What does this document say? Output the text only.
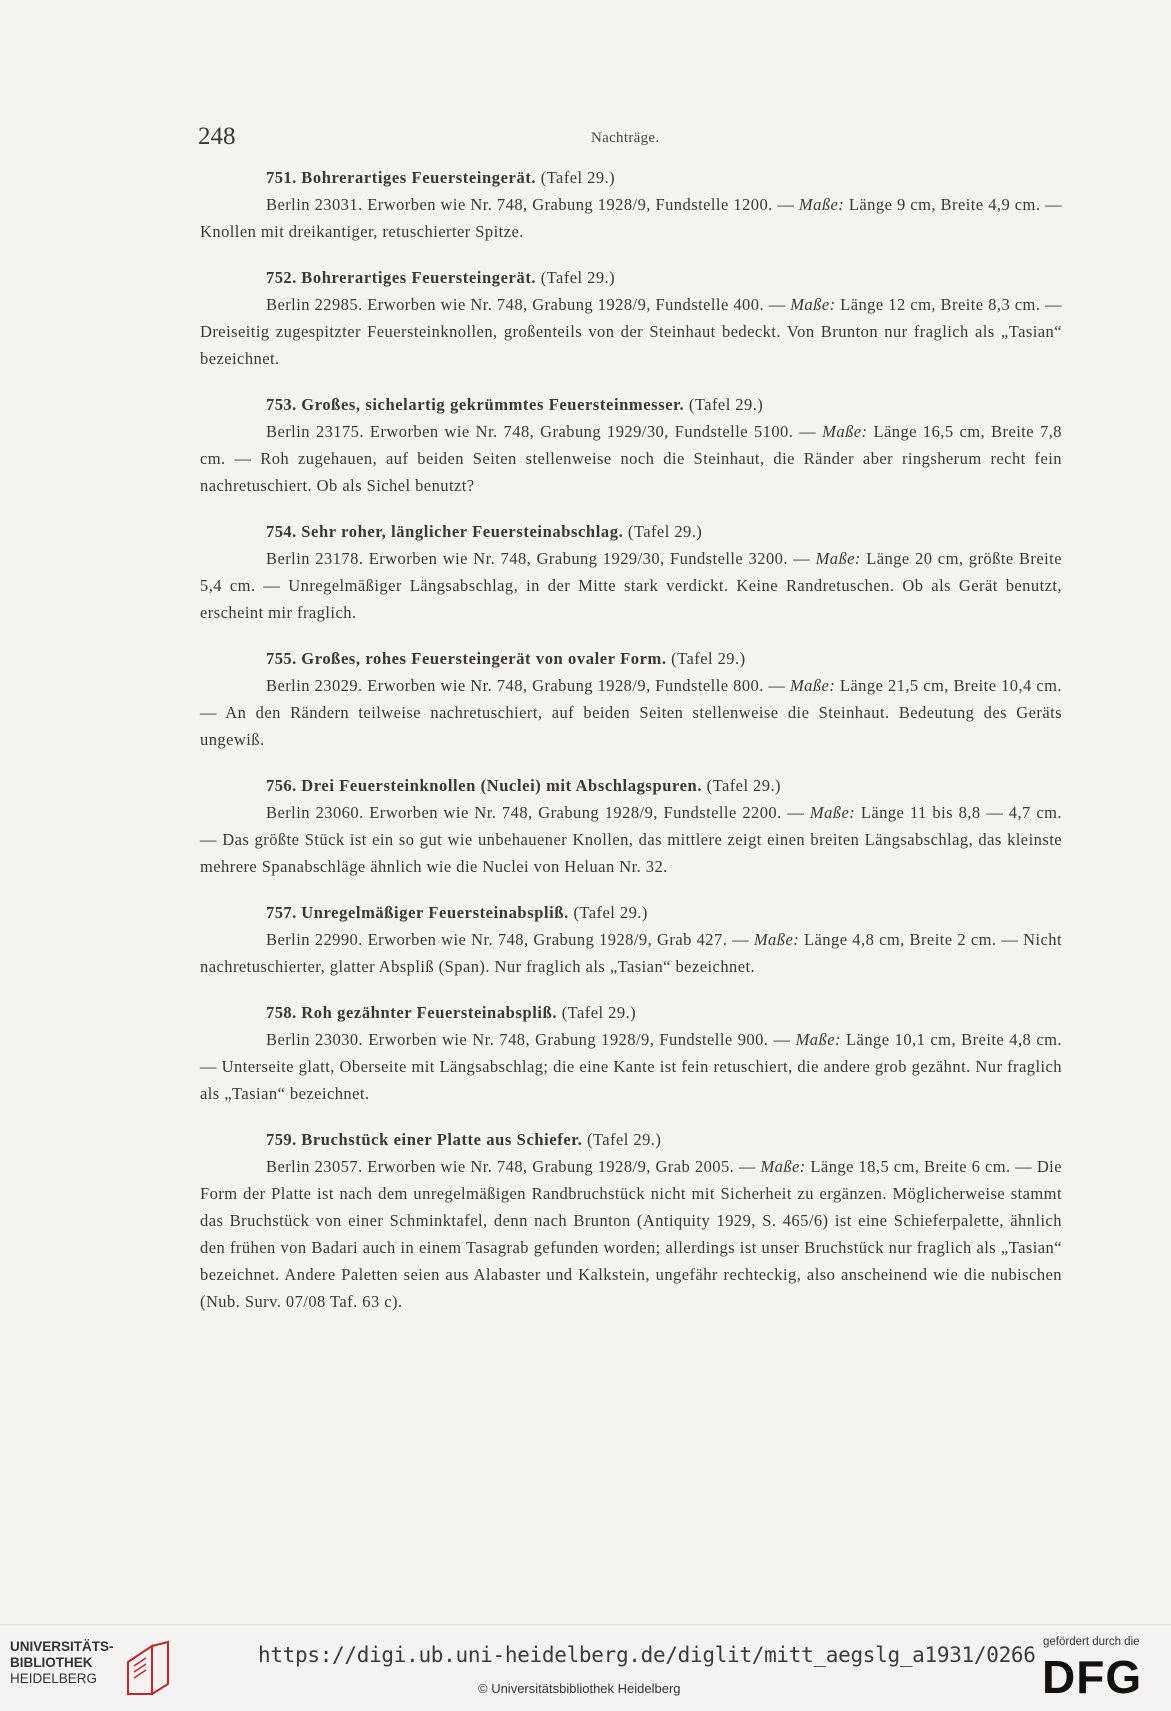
248	Nachträge.

751. Bohrerartiges Feuersteingerät. (Tafel 29.)

Berlin 23031. Erworben wie Nr. 748, Grabung 1928/9, Fundstelle 1200. — Maße: Länge 9 cm, Breite 4,9 cm. — Knollen mit dreikantiger, retuschierter Spitze.

752. Bohrerartiges Feuersteingerät. (Tafel 29.)

Berlin 22985. Erworben wie Nr. 748, Grabung 1928/9, Fundstelle 400. — Maße: Länge 12 cm, Breite 8,3 cm. — Dreiseitig zugespitzter Feuersteinknollen, großenteils von der Steinhaut bedeckt. Von Brunton nur fraglich als „Tasian“ bezeichnet.

753. Großes, sichelartig gekrümmtes Feuersteinmesser. (Tafel 29.)

Berlin 23175. Erworben wie Nr. 748, Grabung 1929/30, Fundstelle 5100. — Maße: Länge 16,5 cm, Breite 7,8 cm. — Roh zugehauen, auf beiden Seiten stellenweise noch die Steinhaut, die Ränder aber ringsherum recht fein nachretuschiert. Ob als Sichel benutzt?

754. Sehr roher, länglicher Feuersteinabschlag. (Tafel 29.)

Berlin 23178. Erworben wie Nr. 748, Grabung 1929/30, Fundstelle 3200. — Maße: Länge 20 cm, größte Breite 5,4 cm. — Unregelmäßiger Längsabschlag, in der Mitte stark verdickt. Keine Randretuschen. Ob als Gerät benutzt, erscheint mir fraglich.

755. Großes, rohes Feuersteingerät von ovaler Form. (Tafel 29.)

Berlin 23029. Erworben wie Nr. 748, Grabung 1928/9, Fundstelle 800. — Maße: Länge 21,5 cm, Breite 10,4 cm. — An den Rändern teilweise nachretuschiert, auf beiden Seiten stellenweise die Steinhaut. Bedeutung des Geräts ungewiß.

756. Drei Feuersteinknollen (Nuclei) mit Abschlagspuren. (Tafel 29.)

Berlin 23060. Erworben wie Nr. 748, Grabung 1928/9, Fundstelle 2200. — Maße: Länge 11 bis 8,8 — 4,7 cm. — Das größte Stück ist ein so gut wie unbehauener Knollen, das mittlere zeigt einen breiten Längsabschlag, das kleinste mehrere Spanabschläge ähnlich wie die Nuclei von Heluan Nr. 32.

757. Unregelmäßiger Feuersteinabspliß. (Tafel 29.)

Berlin 22990. Erworben wie Nr. 748, Grabung 1928/9, Grab 427. — Maße: Länge 4,8 cm, Breite 2 cm. — Nicht nachretuschierter, glatter Abspliß (Span). Nur fraglich als „Tasian“ bezeichnet.

758. Roh gezähnter Feuersteinabspliß. (Tafel 29.)

Berlin 23030. Erworben wie Nr. 748, Grabung 1928/9, Fundstelle 900. — Maße: Länge 10,1 cm, Breite 4,8 cm. — Unterseite glatt, Oberseite mit Längsabschlag; die eine Kante ist fein retuschiert, die andere grob gezähnt. Nur fraglich als „Tasian“ bezeichnet.

759. Bruchstück einer Platte aus Schiefer. (Tafel 29.)

Berlin 23057. Erworben wie Nr. 748, Grabung 1928/9, Grab 2005. — Maße: Länge 18,5 cm, Breite 6 cm. — Die Form der Platte ist nach dem unregelmäßigen Randbruchstück nicht mit Sicherheit zu ergänzen. Möglicherweise stammt das Bruchstück von einer Schminktafel, denn nach Brunton (Antiquity 1929, S. 465/6) ist eine Schieferpalette, ähnlich den frühen von Badari auch in einem Tasagrab gefunden worden; allerdings ist unser Bruchstück nur fraglich als „Tasian“ bezeichnet. Andere Paletten seien aus Alabaster und Kalkstein, ungefähr rechteckig, also anscheinend wie die nubischen (Nub. Surv. 07/08 Taf. 63 c).

UNIVERSITÄTS-
BIBLIOTHEK
HEIDELBERG
https://digi.ub.uni-heidelberg.de/diglit/mitt_aegslg_a1931/0266
© Universitätsbibliothek Heidelberg
gefördert durch die
DFG
